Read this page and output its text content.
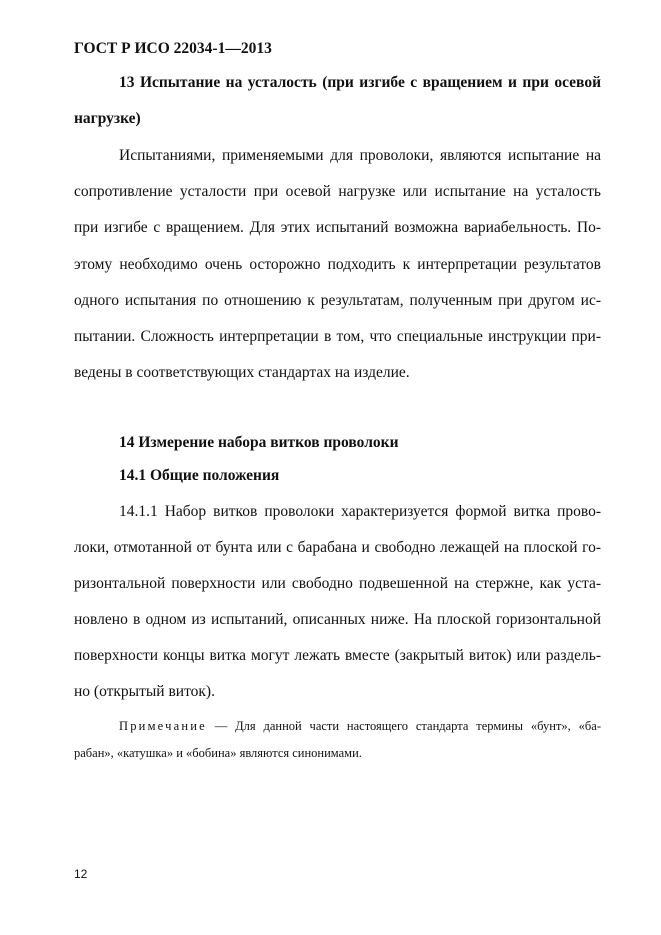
ГОСТ Р ИСО 22034-1—2013
13 Испытание на усталость (при изгибе с вращением и при осевой
нагрузке)
Испытаниями, применяемыми для проволоки, являются испытание на
сопротивление усталости при осевой нагрузке или испытание на усталость
при изгибе с вращением. Для этих испытаний возможна вариабельность. По-
этому необходимо очень осторожно подходить к интерпретации результатов
одного испытания по отношению к результатам, полученным при другом ис-
пытании. Сложность интерпретации в том, что специальные инструкции при-
ведены в соответствующих стандартах на изделие.
14 Измерение набора витков проволоки
14.1 Общие положения
14.1.1 Набор витков проволоки характеризуется формой витка прово-
локи, отмотанной от бунта или с барабана и свободно лежащей на плоской го-
ризонтальной поверхности или свободно подвешенной на стержне, как уста-
новлено в одном из испытаний, описанных ниже. На плоской горизонтальной
поверхности концы витка могут лежать вместе (закрытый виток) или раздель-
но (открытый виток).
Примечание — Для данной части настоящего стандарта термины «бунт», «ба-
рабан», «катушка» и «бобина» являются синонимами.
12
